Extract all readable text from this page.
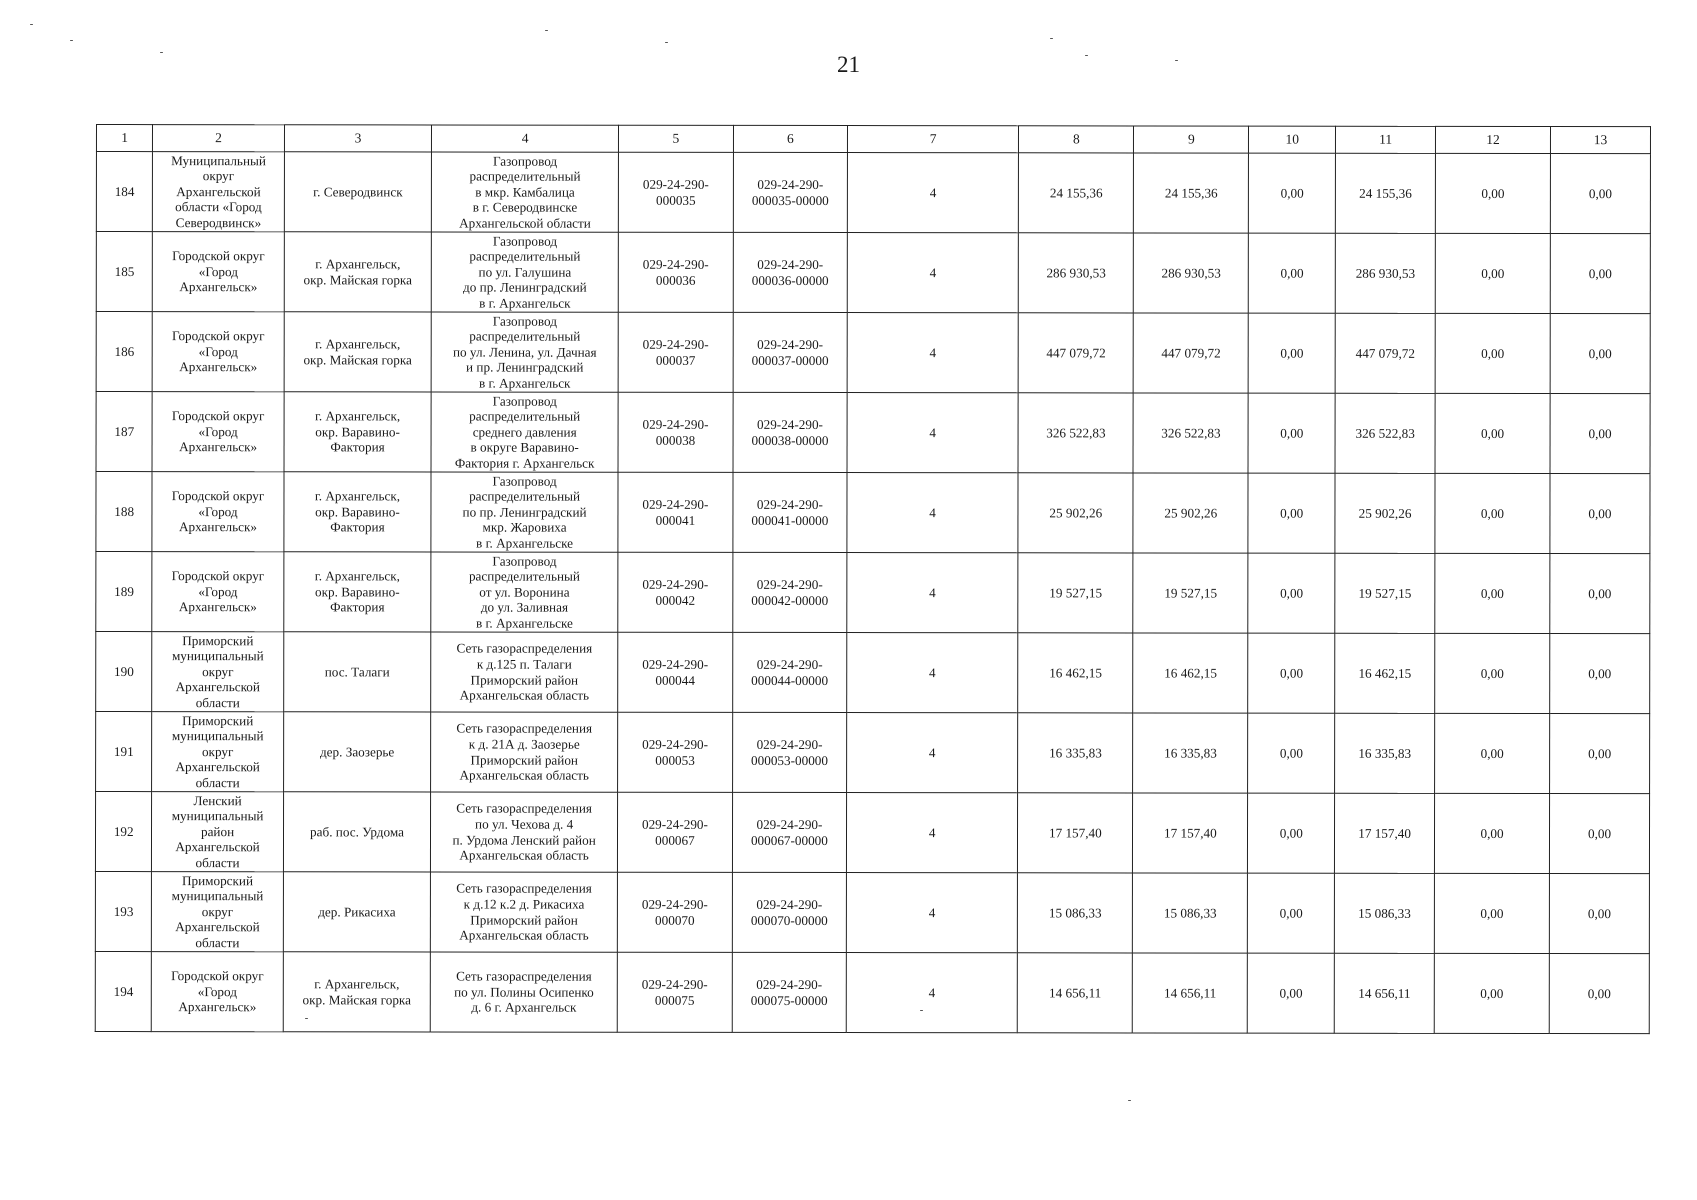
21
1	2	3	4	5	6	7	8	9	10	11	12	13
184	Муниципальный
округ
Архангельской
области «Город
Северодвинск»	г. Северодвинск	Газопровод
распределительный
в мкр. Камбалица
в г. Северодвинске
Архангельской области	029-24-290-
000035	029-24-290-
000035-00000	4	24 155,36	24 155,36	0,00	24 155,36	0,00	0,00
185	Городской округ
«Город
Архангельск»	г. Архангельск,
окр. Майская горка	Газопровод
распределительный
по ул. Галушина
до пр. Ленинградский
в г. Архангельск	029-24-290-
000036	029-24-290-
000036-00000	4	286 930,53	286 930,53	0,00	286 930,53	0,00	0,00
186	Городской округ
«Город
Архангельск»	г. Архангельск,
окр. Майская горка	Газопровод
распределительный
по ул. Ленина, ул. Дачная
и пр. Ленинградский
в г. Архангельск	029-24-290-
000037	029-24-290-
000037-00000	4	447 079,72	447 079,72	0,00	447 079,72	0,00	0,00
187	Городской округ
«Город
Архангельск»	г. Архангельск,
окр. Варавино-
Фактория	Газопровод
распределительный
среднего давления
в округе Варавино-
Фактория г. Архангельск	029-24-290-
000038	029-24-290-
000038-00000	4	326 522,83	326 522,83	0,00	326 522,83	0,00	0,00
188	Городской округ
«Город
Архангельск»	г. Архангельск,
окр. Варавино-
Фактория	Газопровод
распределительный
по пр. Ленинградский
мкр. Жаровиха
в г. Архангельске	029-24-290-
000041	029-24-290-
000041-00000	4	25 902,26	25 902,26	0,00	25 902,26	0,00	0,00
189	Городской округ
«Город
Архангельск»	г. Архангельск,
окр. Варавино-
Фактория	Газопровод
распределительный
от ул. Воронина
до ул. Заливная
в г. Архангельске	029-24-290-
000042	029-24-290-
000042-00000	4	19 527,15	19 527,15	0,00	19 527,15	0,00	0,00
190	Приморский
муниципальный
округ
Архангельской
области	пос. Талаги	Сеть газораспределения
к д.125 п. Талаги
Приморский район
Архангельская область	029-24-290-
000044	029-24-290-
000044-00000	4	16 462,15	16 462,15	0,00	16 462,15	0,00	0,00
191	Приморский
муниципальный
округ
Архангельской
области	дер. Заозерье	Сеть газораспределения
к д. 21А д. Заозерье
Приморский район
Архангельская область	029-24-290-
000053	029-24-290-
000053-00000	4	16 335,83	16 335,83	0,00	16 335,83	0,00	0,00
192	Ленский
муниципальный
район
Архангельской
области	раб. пос. Урдома	Сеть газораспределения
по ул. Чехова д. 4
п. Урдома Ленский район
Архангельская область	029-24-290-
000067	029-24-290-
000067-00000	4	17 157,40	17 157,40	0,00	17 157,40	0,00	0,00
193	Приморский
муниципальный
округ
Архангельской
области	дер. Рикасиха	Сеть газораспределения
к д.12 к.2 д. Рикасиха
Приморский район
Архангельская область	029-24-290-
000070	029-24-290-
000070-00000	4	15 086,33	15 086,33	0,00	15 086,33	0,00	0,00
194	Городской округ
«Город
Архангельск»	г. Архангельск,
окр. Майская горка	Сеть газораспределения
по ул. Полины Осипенко
д. 6 г. Архангельск	029-24-290-
000075	029-24-290-
000075-00000	4	14 656,11	14 656,11	0,00	14 656,11	0,00	0,00
